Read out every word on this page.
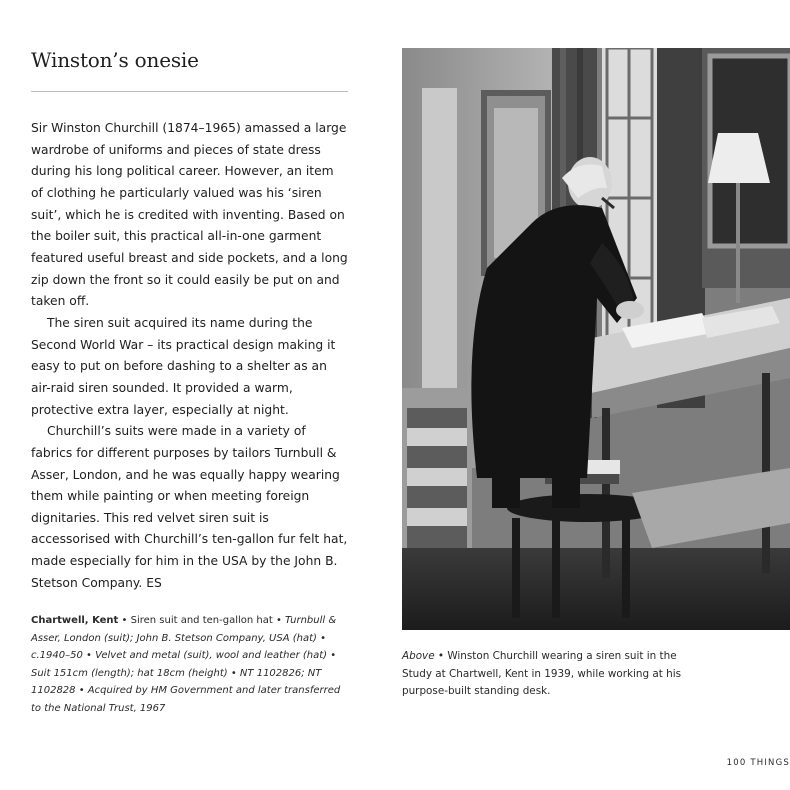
Winston’s onesie

Sir Winston Churchill (1874–1965) amassed a large wardrobe of uniforms and pieces of state dress during his long political career. However, an item of clothing he particularly valued was his ‘siren suit’, which he is credited with inventing. Based on the boiler suit, this practical all-in-one garment featured useful breast and side pockets, and a long zip down the front so it could easily be put on and taken off.

The siren suit acquired its name during the Second World War – its practical design making it easy to put on before dashing to a shelter as an air-raid siren sounded. It provided a warm, protective extra layer, especially at night.

Churchill’s suits were made in a variety of fabrics for different purposes by tailors Turnbull & Asser, London, and he was equally happy wearing them while painting or when meeting foreign dignitaries. This red velvet siren suit is accessorised with Churchill’s ten-gallon fur felt hat, made especially for him in the USA by the John B. Stetson Company. ES

Chartwell, Kent • Siren suit and ten-gallon hat • Turnbull & Asser, London (suit); John B. Stetson Company, USA (hat) • c.1940–50 • Velvet and metal (suit), wool and leather (hat) • Suit 151cm (length); hat 18cm (height) • NT 1102826; NT 1102828 • Acquired by HM Government and later transferred to the National Trust, 1967
Above • Winston Churchill wearing a siren suit in the Study at Chartwell, Kent in 1939, while working at his purpose-built standing desk.
100 THINGS
